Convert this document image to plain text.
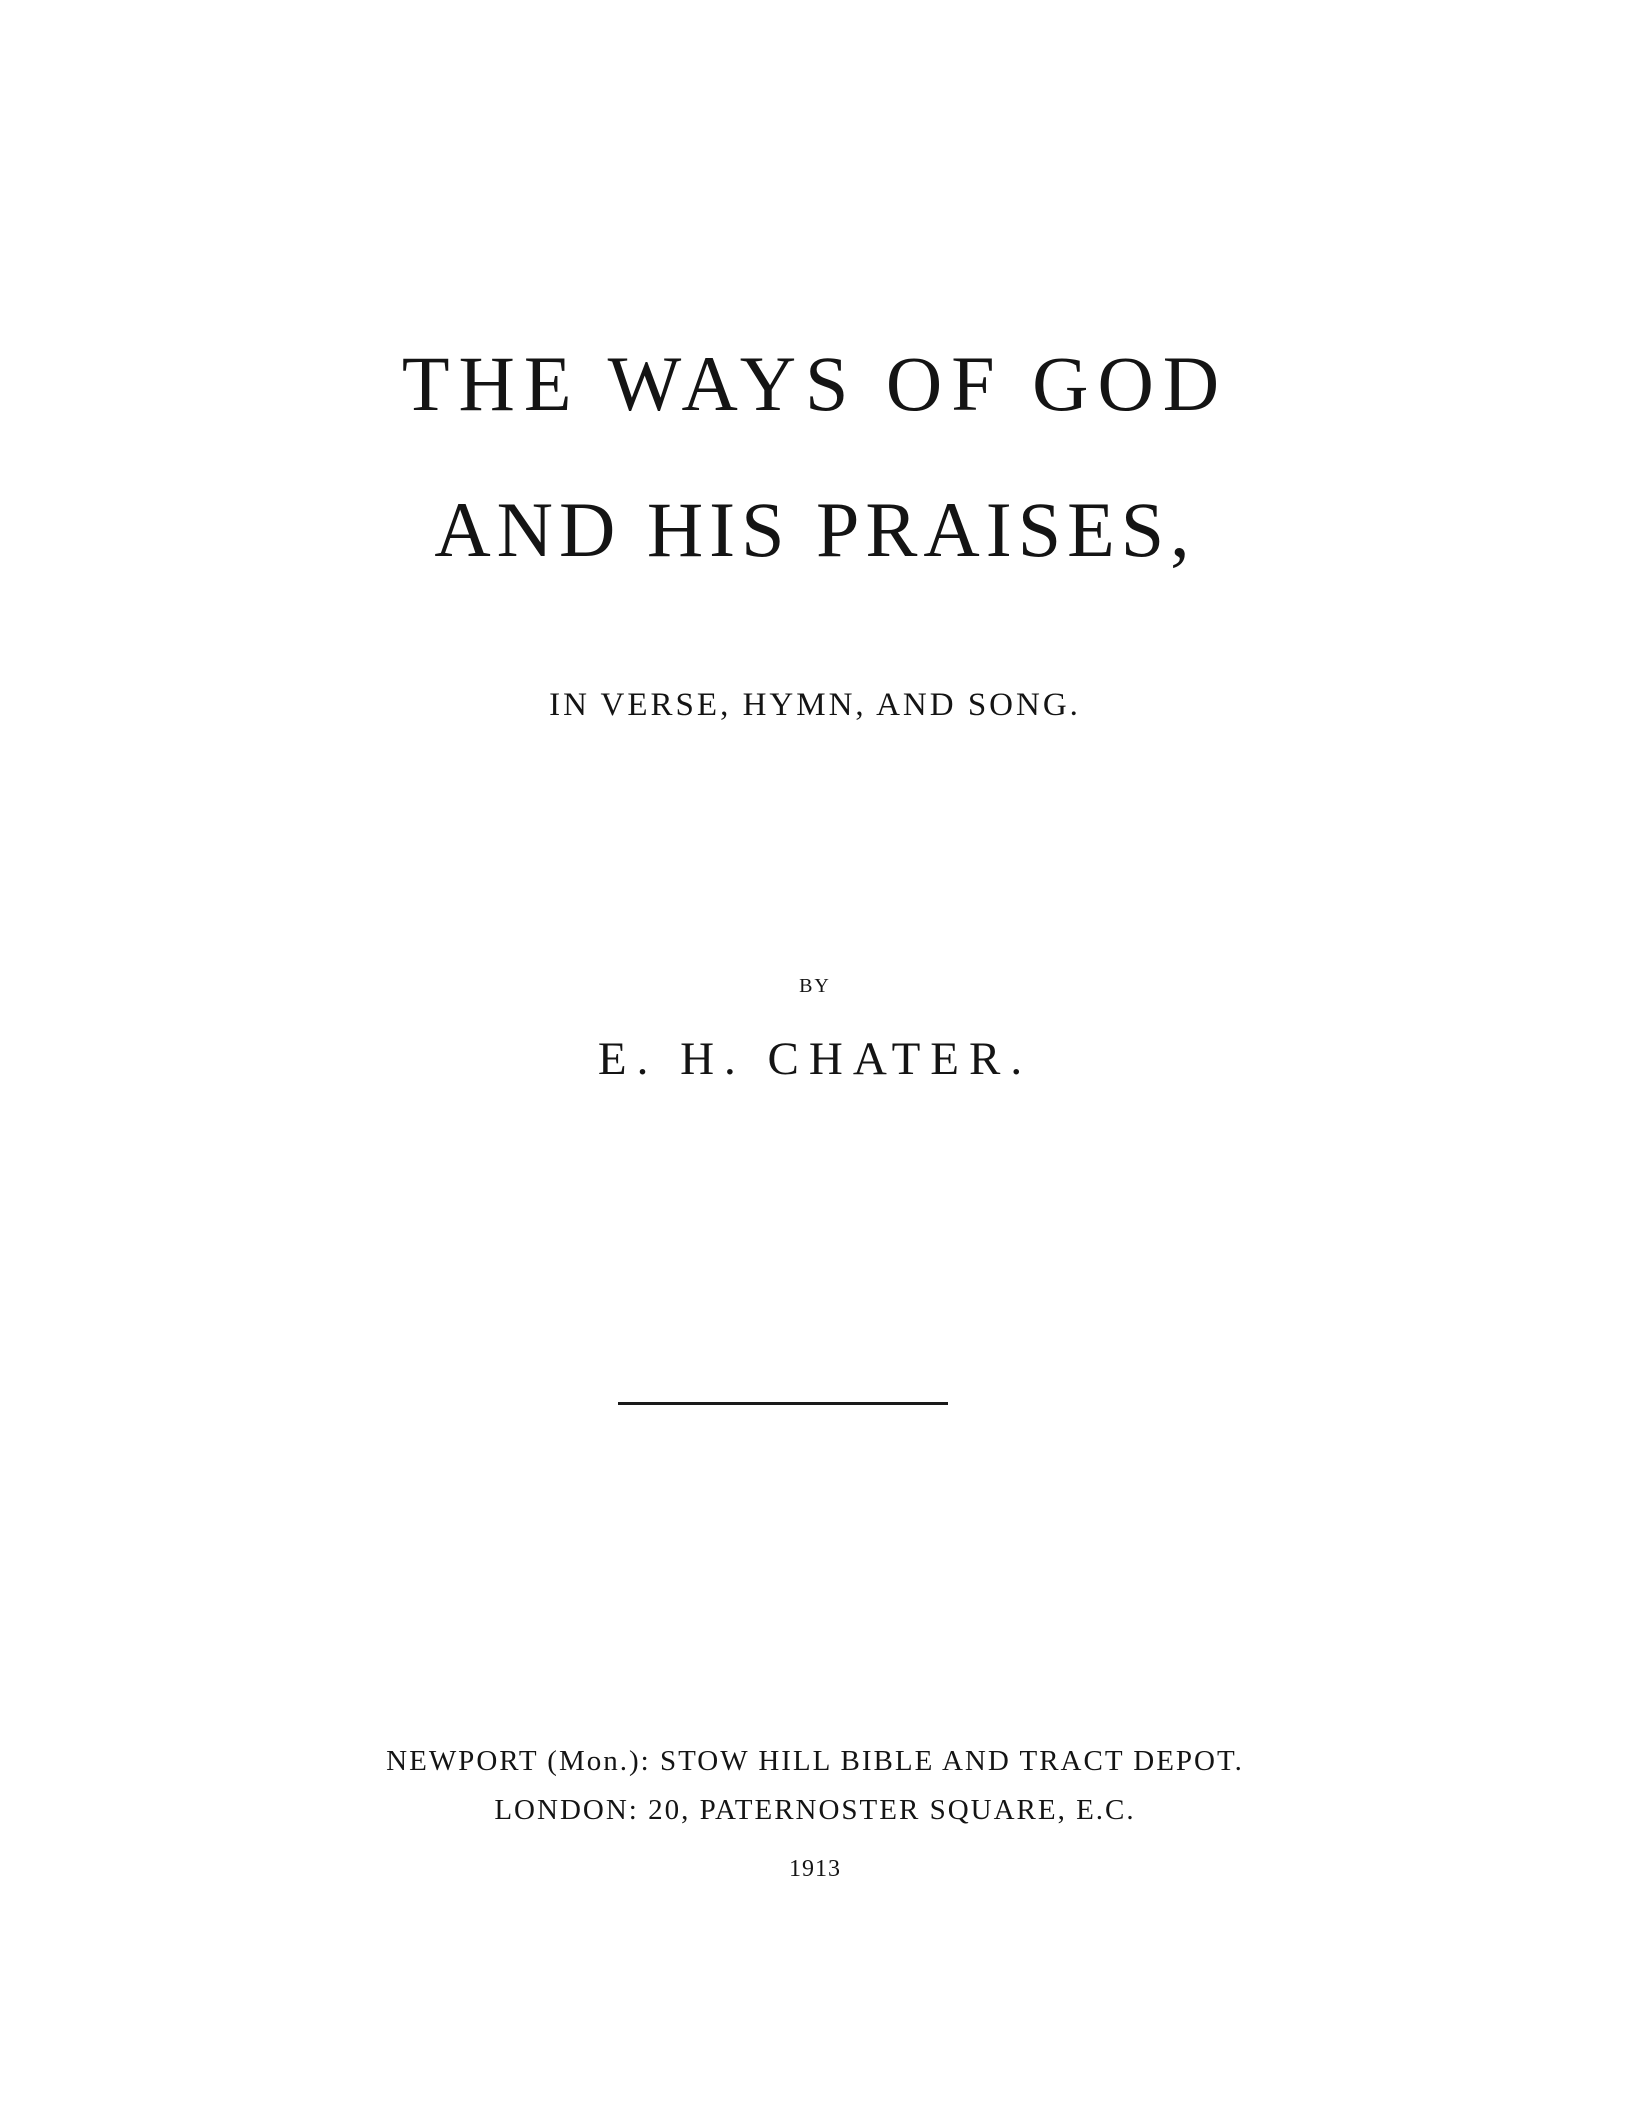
THE WAYS OF GOD
AND HIS PRAISES,
IN VERSE, HYMN, AND SONG.
BY
E. H. CHATER.
NEWPORT (Mon.): STOW HILL BIBLE AND TRACT DEPOT.
LONDON: 20, PATERNOSTER SQUARE, E.C.
1913
